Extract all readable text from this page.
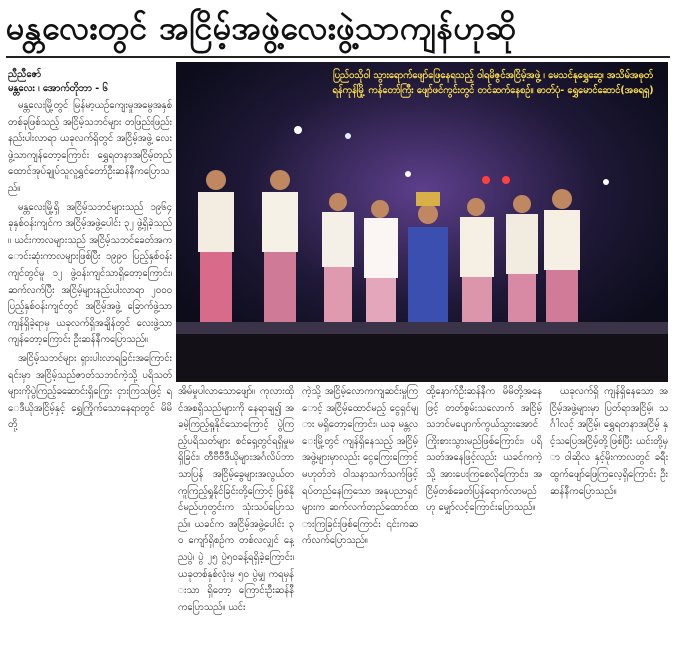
မန္တလေးတွင် အငြိမ့်အဖွဲ့လေးဖွဲ့သာကျန်ဟုဆို
ညီညီဇော်
မန္တလေး ၊ အောက်တိုဘာ - ၆

မန္တလေးမြို့တွင် မြန်မာ့ယဉ်ကျေးမှုအမွေအနှစ်တစ်ခုဖြစ်သည့် အငြိမ့်သဘင်များ တဖြည်းဖြည်းနည်းပါးလာရာ ယခုလက်ရှိတွင် အငြိမ့်အဖွဲ့ လေးဖွဲ့သာကျန်တော့ကြောင်း ရွှေရတနာအငြိမ့်တည်ထောင်အုပ်ချုပ်သူလူရွှင်တော်ဦးဆန်နီကပြောသည်။

မန္တလေးမြို့ရှိ အငြိမ့်သဘင်များသည် ၁၉၆၄ ခုနှစ်ဝန်းကျင်က အငြိမ့်အဖွဲ့ပေါင်း ၃၂ ဖွဲ့ရှိခဲ့သည်။ ယင်းကာလများသည် အငြိမ့်သဘင်ခေတ်အကောင်းဆုံးကာလများဖြစ်ပြီး ၁၉၉၀ ပြည့်နှစ်ဝန်းကျင်တွင်မူ ၁၂ ဖွဲ့ဝန်းကျင်သာရှိတော့ကြောင်း၊ ဆက်လက်ပြီး အငြိမ့်များနည်းပါးလာရာ ၂၀၀၀ ပြည့်နှစ်ဝန်းကျင်တွင် အငြိမ့်အဖွဲ့ ခြောက်ဖွဲ့သာ ကျန်ရှိခဲ့ရာမှ ယခုလက်ရှိအချိန်တွင် လေးဖွဲ့သာကျန်တော့ကြောင်း ဦးဆန်နီကပြောသည်။

အငြိမ့်သဘင်များ ရှားပါးလာရခြင်းအကြောင်းရင်းမှာ အငြိမ့်သည်ဇာတ်သဘင်ကဲ့သို့ ပရိသတ်များကိုပွဲကြည့်ခဆောင်းရှိကြွေး ငှားကြသဖြင့် ရေဒီယိုအငြိမ့်နှင့် ရွှေကြိုက်သောနေရာတွင် မိမိတို့

ပြည်ဝသိုဝါ သွားရောက်ဖျော်ဖြေနေရသည့် ဝါရမိဇွင်အငြိမ့်အဖွဲ့ ၊ မေသင်နုရွှေဆွေ၊ အသိမ်အဓုတ် ရန်ကုန်မြို့ ကန်တော်ကြီး ဖျော်ဖင်ကွင်းတွင် တင်ဆက်နေစဉ်။ ဓာတ်ပုံ- ရွှေမောင်ဆောင်(အဓရရှ)

အိမ်မှုပါလာသောဖျော်။ ကုလားထိုင်အစရှိသည်များကို နေရာချ၍ အခမဲ့ကြည့်ရှုနိုင်သောကြောင့် ပွဲကြည့်ပရိသတ်များ စင်ရှေ့တွင်ရရှိမှုမရှိခြင်း၊ တီဗီဗီဒီယိုများအင်္ဂလိပ်ဘာသာပြန် အငြိမ့်ခွေများအလွယ်တကူကြည့်ရှုနိုင်ခြင်းတို့ကြောင့် ဖြစ်နိုင်မည်ဟုတွင်းက သုံးသပ်ပြောသည်။ ယခင်က အငြိမ့်အဖွဲ့ပေါင်း ၃၀ ကျော်ရှိစဉ်က တစ်လလျှင် နေ့ညပွဲ၊ ပွဲ ၂၅ ပွဲ၅၀ခန့်ရရှိခဲ့ကြောင်း၊ ယခုတစ်နှစ်လုံးမှ ၅၀ ပွဲမျှ ကရမှန်းသာ ရှိတော့ ကြောင်းဦးဆန်နီကပြောသည်။ ယင်း

ကဲ့သို့ အငြိမ့်လောကကျဆင်းမှုကြောင့် အငြိမ့်ထောင်မည့် ငွေရှင်များ မရှိတော့ကြောင်း၊ ယခု မန္တလေးမြို့တွင် ကျန်ရှိနေသည့် အငြိမ့်အဖွဲ့များမှာလည်း ငွေကြေးကြောင့်မဟုတ်ဘဲ ဝါသနာသက်သက်ဖြင့် ရပ်တည်နေကြသော အနုပညာရှင်များက ဆက်လက်တည်ထောင်ထားကြခြင်းဖြစ်ကြောင်း ၎င်းကဆက်လက်ပြောသည်။

ထို့နောက်ဦးဆန်နီက မိမိတို့အနေဖြင့် တတ်စွမ်းသလောက် အငြိမ့်သဘင်မပျောက်ကွယ်သွားအောင် ကြိုးစားသွားမည်ဖြစ်ကြောင်း၊ ပရိသတ်အနေဖြင့်လည်း ယခင်ကကဲ့သို့ အားပေးကြစေလိုကြောင်း၊ အငြိမ့်တစ်ခေတ်ပြန်ရောက်လာမည်ဟု မျှော်လင့်ကြောင်းပြောသည်။

ယခုလက်ရှိ ကျန်ရှိနေသော အငြိမ့်အဖွဲ့များမှာ ပြတ်ရာအငြိမ့်၊ သင်္ဂါလင့် အငြိမ့်၊ ရွှေရတနာအငြိမ့် နှင့်သပြေအငြိမ့်တို့ဖြစ်ပြီး ယင်းတို့မှာ ဝါဆိုလ နှင့်မိုးကာလတွင် ခရီးထွက်ဖျော်ဖြေကြလေ့ရှိကြောင်း ဦးဆန်နီကပြောသည်။
